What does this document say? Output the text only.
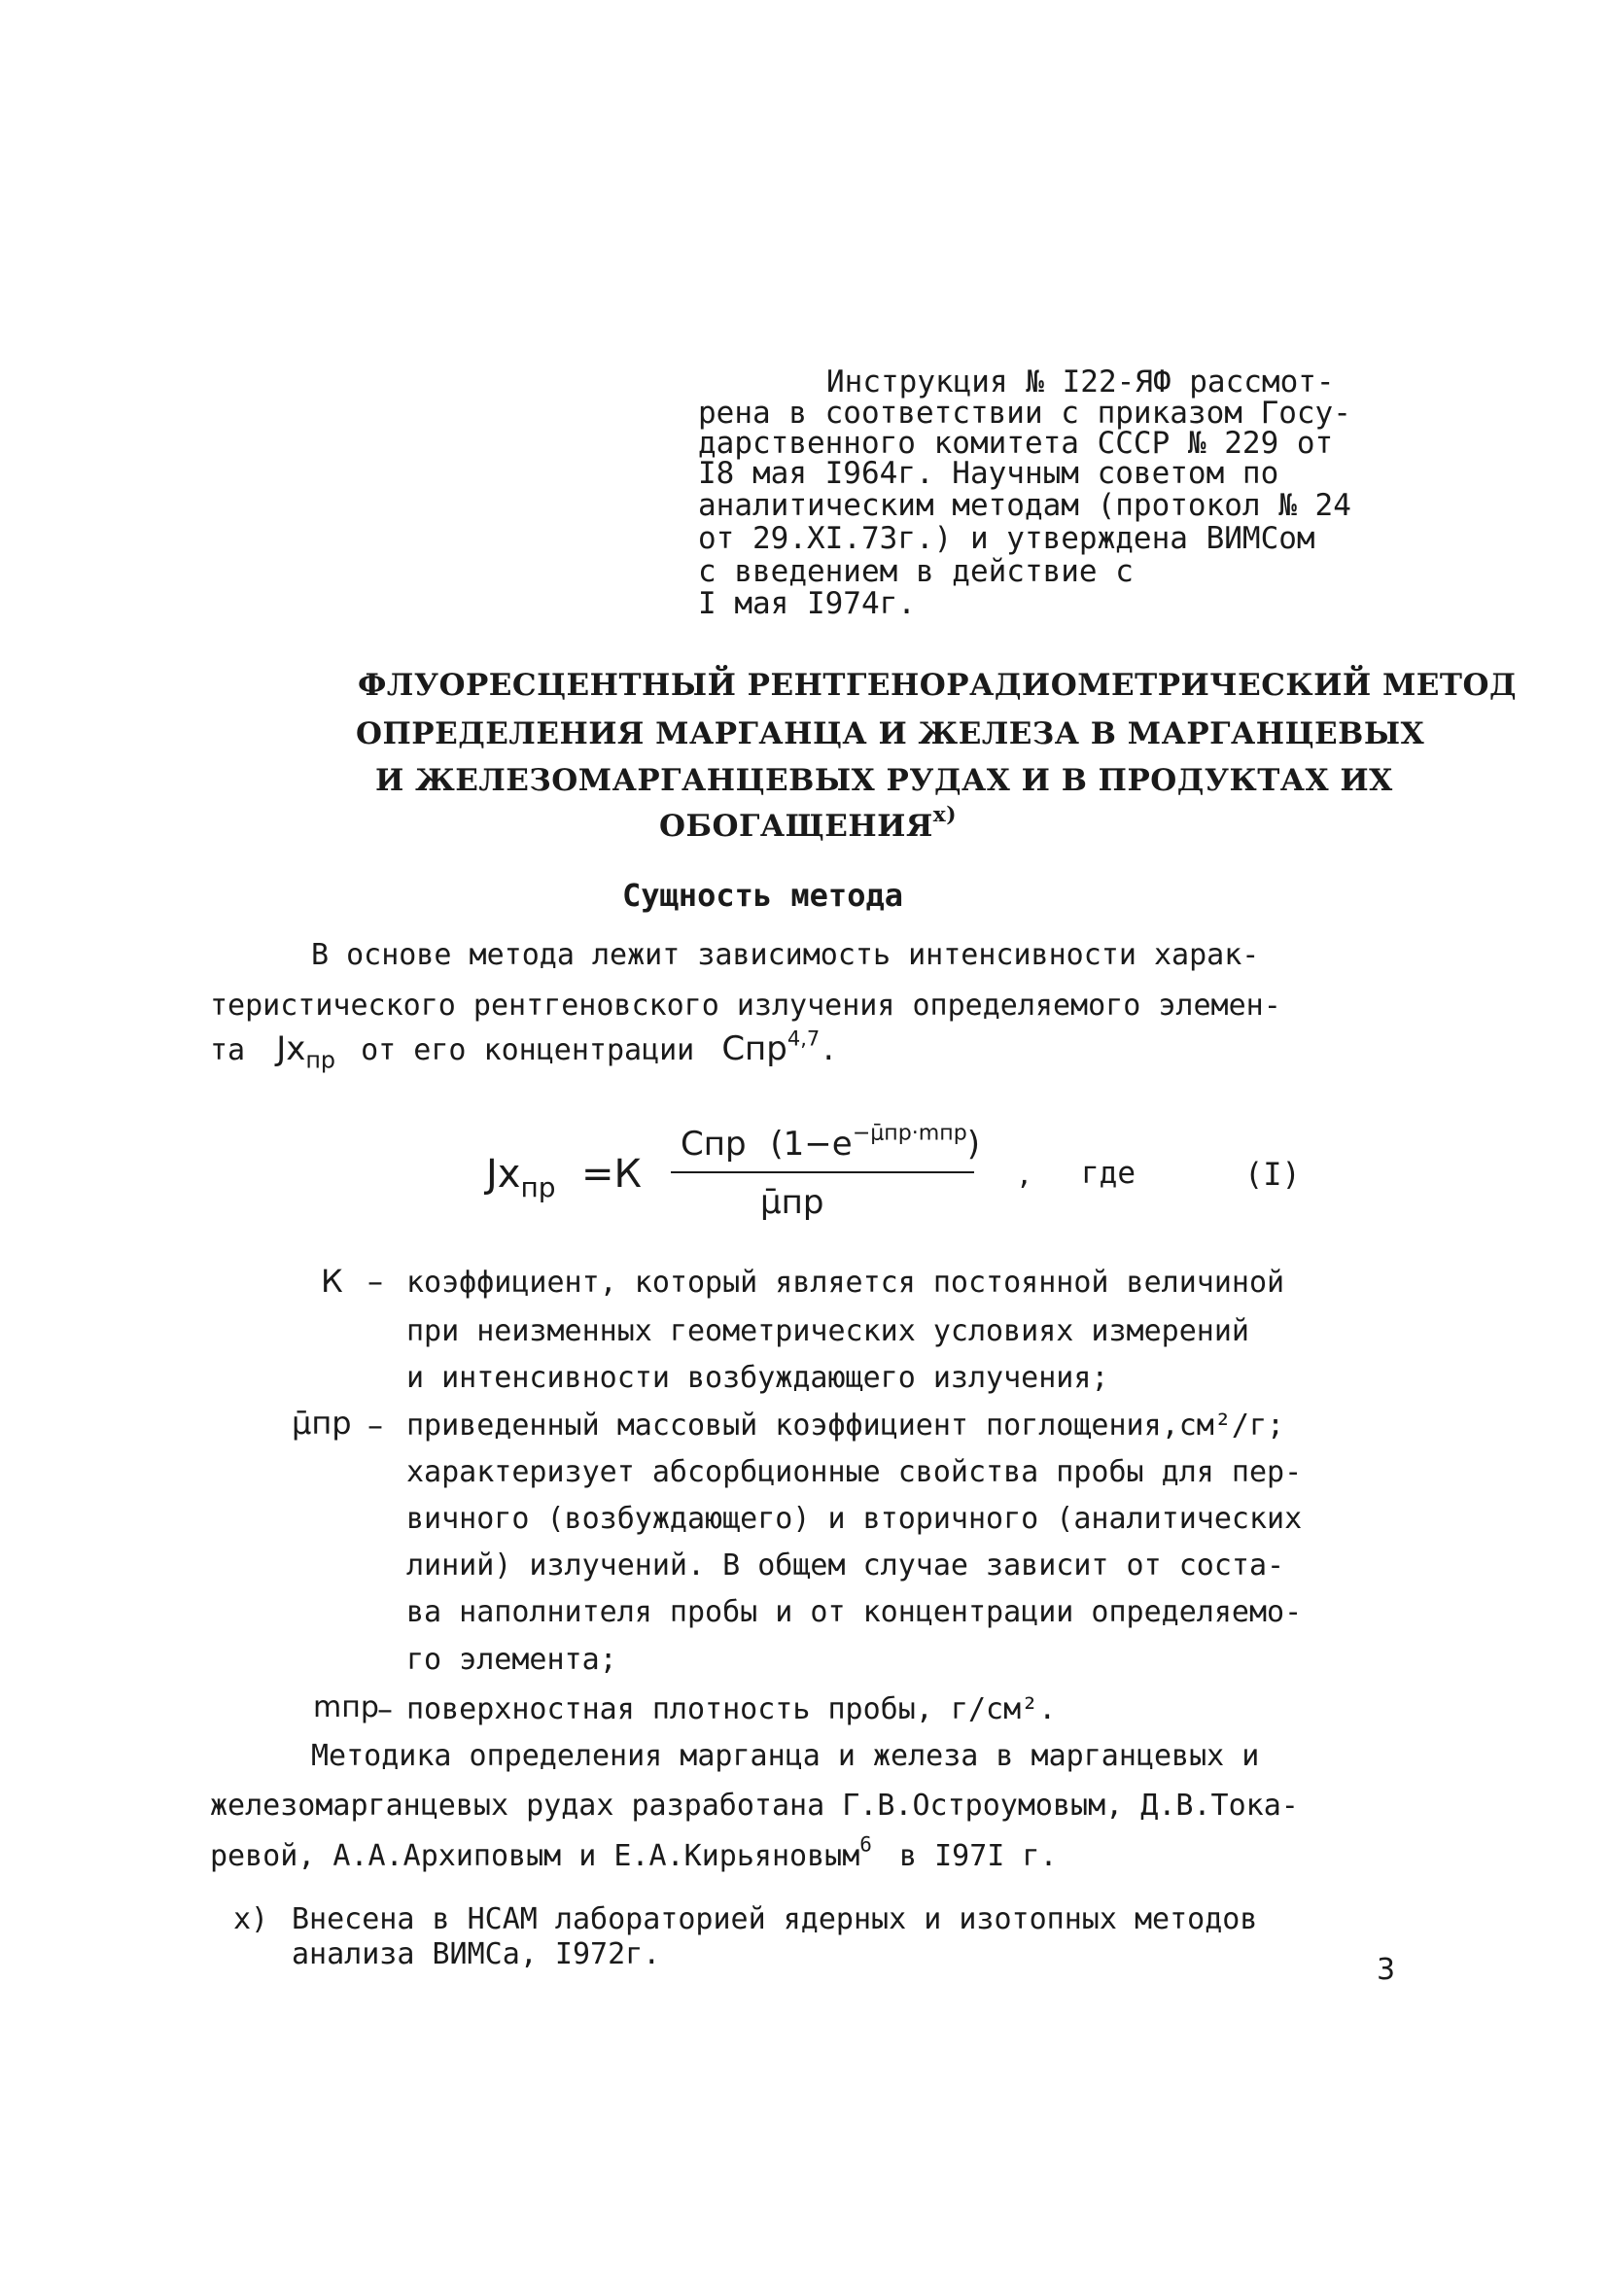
Инструкция № I22-ЯФ рассмот-
рена в соответствии с приказом Госу-
дарственного комитета СССР № 229 от
I8 мая I964г. Научным советом по
аналитическим методам (протокол № 24
от 29.XI.73г.) и утверждена ВИМСом
с введением в действие с
I мая I974г.
ФЛУОРЕСЦЕНТНЫЙ РЕНТГЕНОРАДИОМЕТРИЧЕСКИЙ МЕТОД
ОПРЕДЕЛЕНИЯ МАРГАНЦА И ЖЕЛЕЗА В МАРГАНЦЕВЫХ
И ЖЕЛЕЗОМАРГАНЦЕВЫХ РУДАХ И В ПРОДУКТАХ ИХ
ОБОГАЩЕНИЯ$^{x)}$
Сущность метода
В основе метода лежит зависимость интенсивности харак-
теристического рентгеновского излучения определяемого элемен-
та $Jx_{пр}$ от его концентрации Спр$^{4,7}$.
$Jx_{пр} =К$
Спр $(1-e^{-\mūпр\cdot mпр})$
μ̄пр
, где	(I)
К – коэффициент, который является постоянной величиной
при неизменных геометрических условиях измерений
и интенсивности возбуждающего излучения;
μ̄пр – приведенный массовый коэффициент поглощения,см²/г;
характеризует абсорбционные свойства пробы для пер-
вичного (возбуждающего) и вторичного (аналитических
линий) излучений. В общем случае зависит от соста-
ва наполнителя пробы и от концентрации определяемо-
го элемента;
mпр
– поверхностная плотность пробы, г/см².
Методика определения марганца и железа в марганцевых и
железомарганцевых рудах разработана Г.В.Остроумовым, Д.В.Тока-
ревой, А.А.Архиповым и Е.А.Кирьяновым$^6$ в I97I г.
x) Внесена в НСАМ лабораторией ядерных и изотопных методов
анализа ВИМСа, I972г.	3
